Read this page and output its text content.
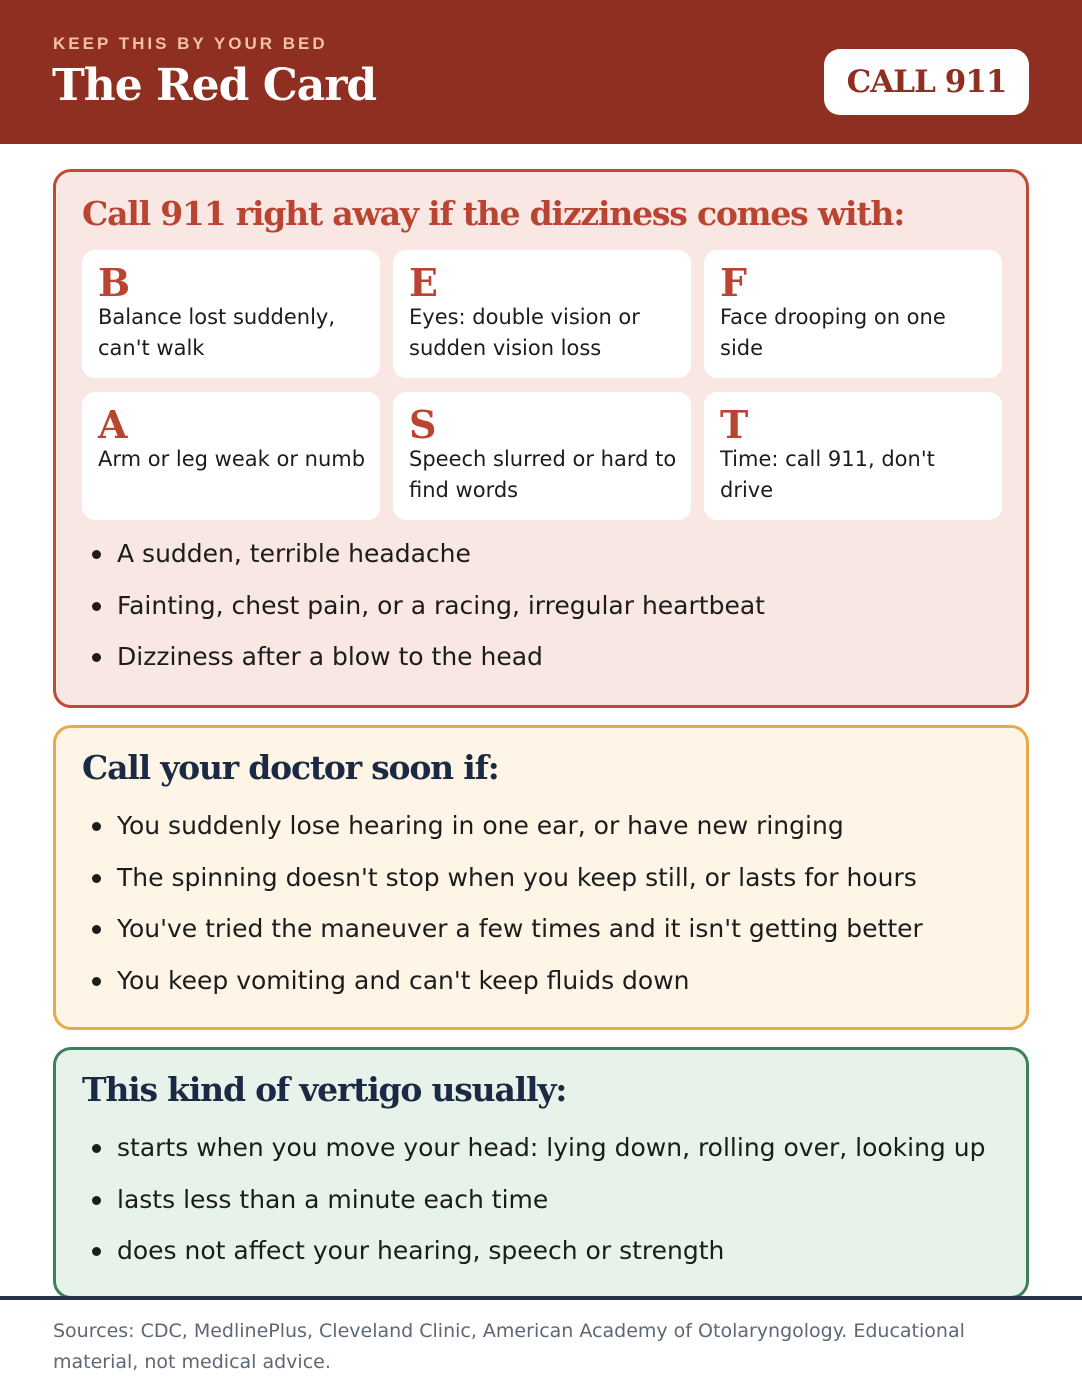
KEEP THIS BY YOUR BED
The Red Card	CALL 911
Call 911 right away if the dizziness comes with:
B
Balance lost suddenly, can't walk
E
Eyes: double vision or sudden vision loss
F
Face drooping on one side
A
Arm or leg weak or numb
S
Speech slurred or hard to find words
T
Time: call 911, don't drive
A sudden, terrible headache
Fainting, chest pain, or a racing, irregular heartbeat
Dizziness after a blow to the head
Call your doctor soon if:
You suddenly lose hearing in one ear, or have new ringing
The spinning doesn't stop when you keep still, or lasts for hours
You've tried the maneuver a few times and it isn't getting better
You keep vomiting and can't keep fluids down
This kind of vertigo usually:
starts when you move your head: lying down, rolling over, looking up
lasts less than a minute each time
does not affect your hearing, speech or strength

Sources: CDC, MedlinePlus, Cleveland Clinic, American Academy of Otolaryngology. Educational material, not medical advice.
